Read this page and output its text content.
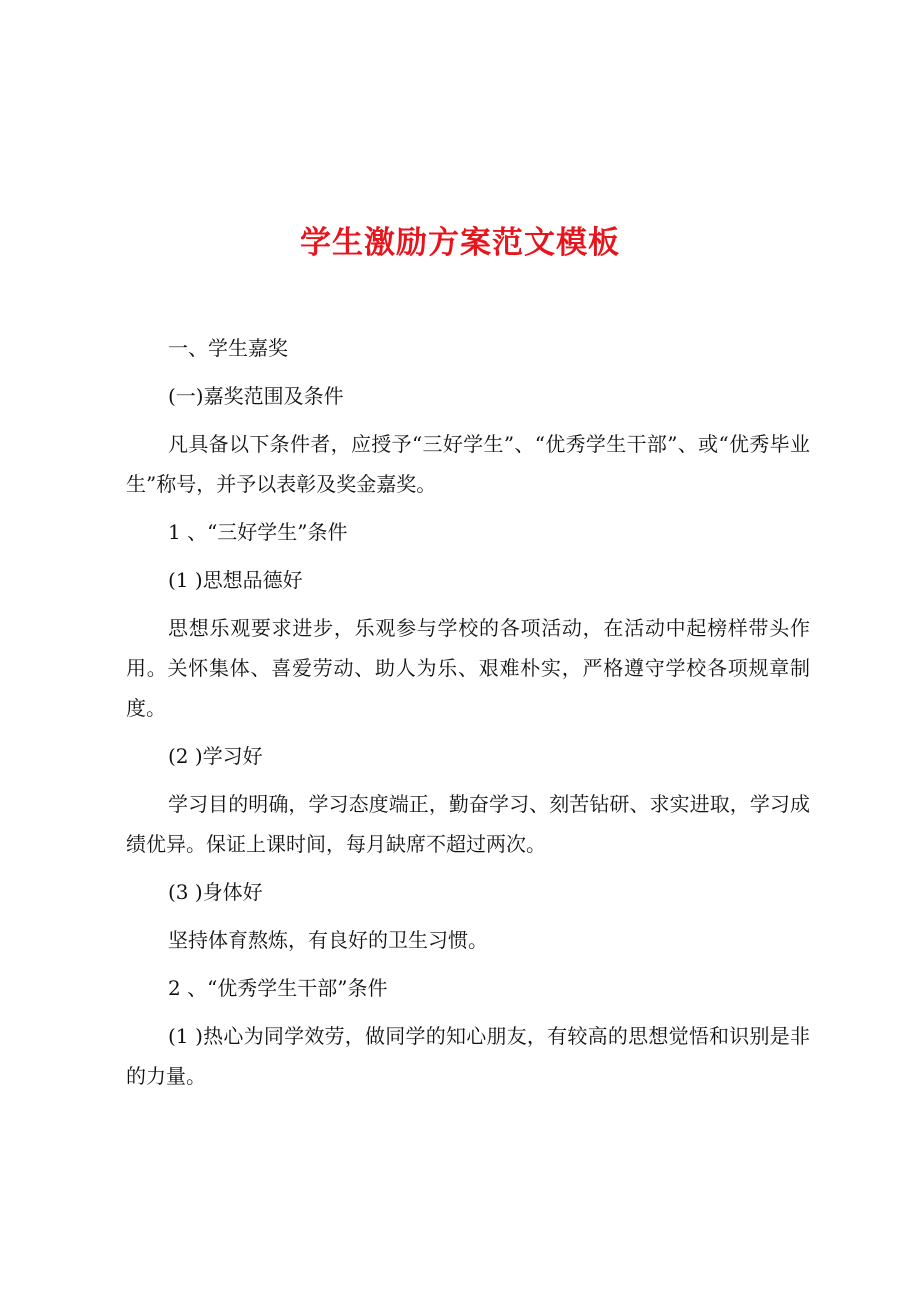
学生激励方案范文模板

一、学生嘉奖

(一)嘉奖范围及条件

凡具备以下条件者，应授予“三好学生”、“优秀学生干部”、或“优秀毕业生”称号，并予以表彰及奖金嘉奖。

1 、“三好学生”条件

(1 )思想品德好

思想乐观要求进步，乐观参与学校的各项活动，在活动中起榜样带头作用。关怀集体、喜爱劳动、助人为乐、艰难朴实，严格遵守学校各项规章制度。

(2 )学习好

学习目的明确，学习态度端正，勤奋学习、刻苦钻研、求实进取，学习成绩优异。保证上课时间，每月缺席不超过两次。

(3 )身体好

坚持体育熬炼，有良好的卫生习惯。

2 、“优秀学生干部”条件

(1 )热心为同学效劳，做同学的知心朋友，有较高的思想觉悟和识别是非的力量。
